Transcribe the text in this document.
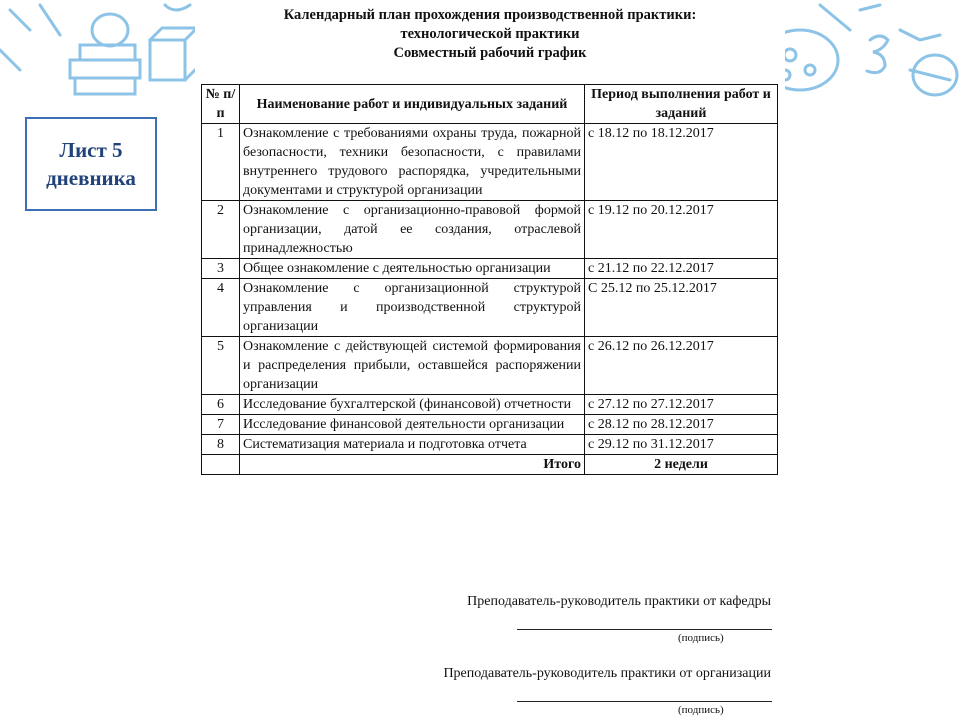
Календарный план прохождения производственной практики:
технологической практики
Совместный рабочий график
Лист 5
дневника
№ п/п	Наименование работ и индивидуальных заданий	Период выполнения работ и заданий
1	Ознакомление с требованиями охраны труда, пожарной безопасности, техники безопасности, с правилами внутреннего трудового распорядка, учредительными документами и структурой организации	с 18.12 по 18.12.2017
2	Ознакомление с организационно-правовой формой организации, датой ее создания, отраслевой принадлежностью	с 19.12 по 20.12.2017
3	Общее ознакомление с деятельностью организации	с 21.12 по 22.12.2017
4	Ознакомление с организационной структурой управления и производственной структурой организации	С 25.12 по 25.12.2017
5	Ознакомление с действующей системой формирования и распределения прибыли, оставшейся распоряжении организации	с 26.12 по 26.12.2017
6	Исследование бухгалтерской (финансовой) отчетности	с 27.12 по 27.12.2017
7	Исследование финансовой деятельности организации	с 28.12 по 28.12.2017
8	Систематизация материала и подготовка отчета	с 29.12 по 31.12.2017
	Итого	2 недели
Преподаватель-руководитель практики от кафедры
(подпись)
Преподаватель-руководитель практики от организации
(подпись)
